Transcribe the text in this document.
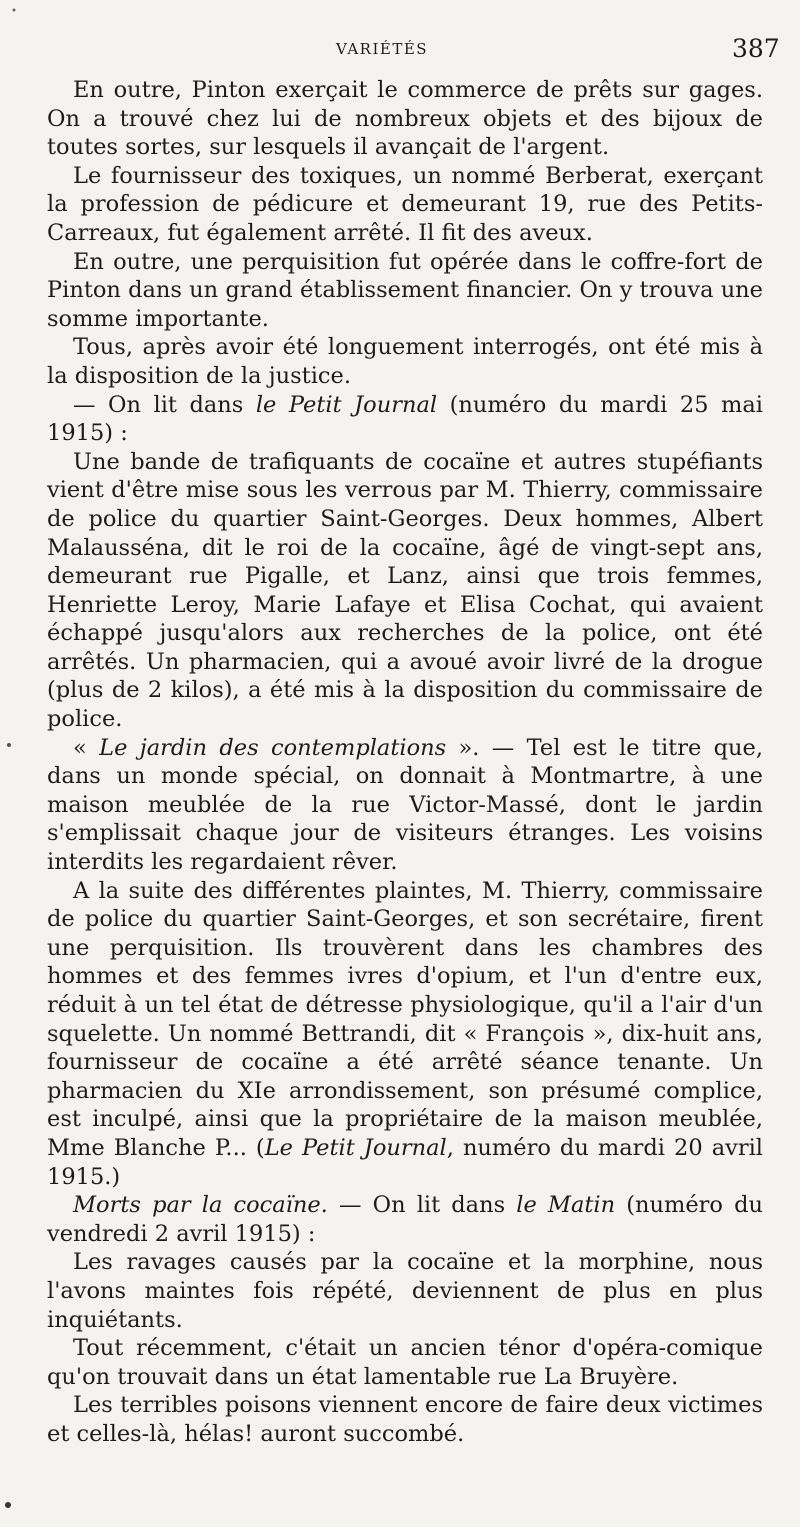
VARIÉTÉS	387

En outre, Pinton exerçait le commerce de prêts sur gages. On a trouvé chez lui de nombreux objets et des bijoux de toutes sortes, sur lesquels il avançait de l'argent.

Le fournisseur des toxiques, un nommé Berberat, exerçant la profession de pédicure et demeurant 19, rue des Petits-Carreaux, fut également arrêté. Il fit des aveux.

En outre, une perquisition fut opérée dans le coffre-fort de Pinton dans un grand établissement financier. On y trouva une somme importante.

Tous, après avoir été longuement interrogés, ont été mis à la disposition de la justice.

— On lit dans le Petit Journal (numéro du mardi 25 mai 1915) :

Une bande de trafiquants de cocaïne et autres stupéfiants vient d'être mise sous les verrous par M. Thierry, commissaire de police du quartier Saint-Georges. Deux hommes, Albert Malausséna, dit le roi de la cocaïne, âgé de vingt-sept ans, demeurant rue Pigalle, et Lanz, ainsi que trois femmes, Henriette Leroy, Marie Lafaye et Elisa Cochat, qui avaient échappé jusqu'alors aux recherches de la police, ont été arrêtés. Un pharmacien, qui a avoué avoir livré de la drogue (plus de 2 kilos), a été mis à la disposition du commissaire de police.

« Le jardin des contemplations ». — Tel est le titre que, dans un monde spécial, on donnait à Montmartre, à une maison meublée de la rue Victor-Massé, dont le jardin s'emplissait chaque jour de visiteurs étranges. Les voisins interdits les regardaient rêver.

A la suite des différentes plaintes, M. Thierry, commissaire de police du quartier Saint-Georges, et son secrétaire, firent une perquisition. Ils trouvèrent dans les chambres des hommes et des femmes ivres d'opium, et l'un d'entre eux, réduit à un tel état de détresse physiologique, qu'il a l'air d'un squelette. Un nommé Bettrandi, dit « François », dix-huit ans, fournisseur de cocaïne a été arrêté séance tenante. Un pharmacien du XIe arrondissement, son présumé complice, est inculpé, ainsi que la propriétaire de la maison meublée, Mme Blanche P... (Le Petit Journal, numéro du mardi 20 avril 1915.)

Morts par la cocaïne. — On lit dans le Matin (numéro du vendredi 2 avril 1915) :

Les ravages causés par la cocaïne et la morphine, nous l'avons maintes fois répété, deviennent de plus en plus inquiétants.

Tout récemment, c'était un ancien ténor d'opéra-comique qu'on trouvait dans un état lamentable rue La Bruyère.

Les terribles poisons viennent encore de faire deux victimes et celles-là, hélas! auront succombé.
